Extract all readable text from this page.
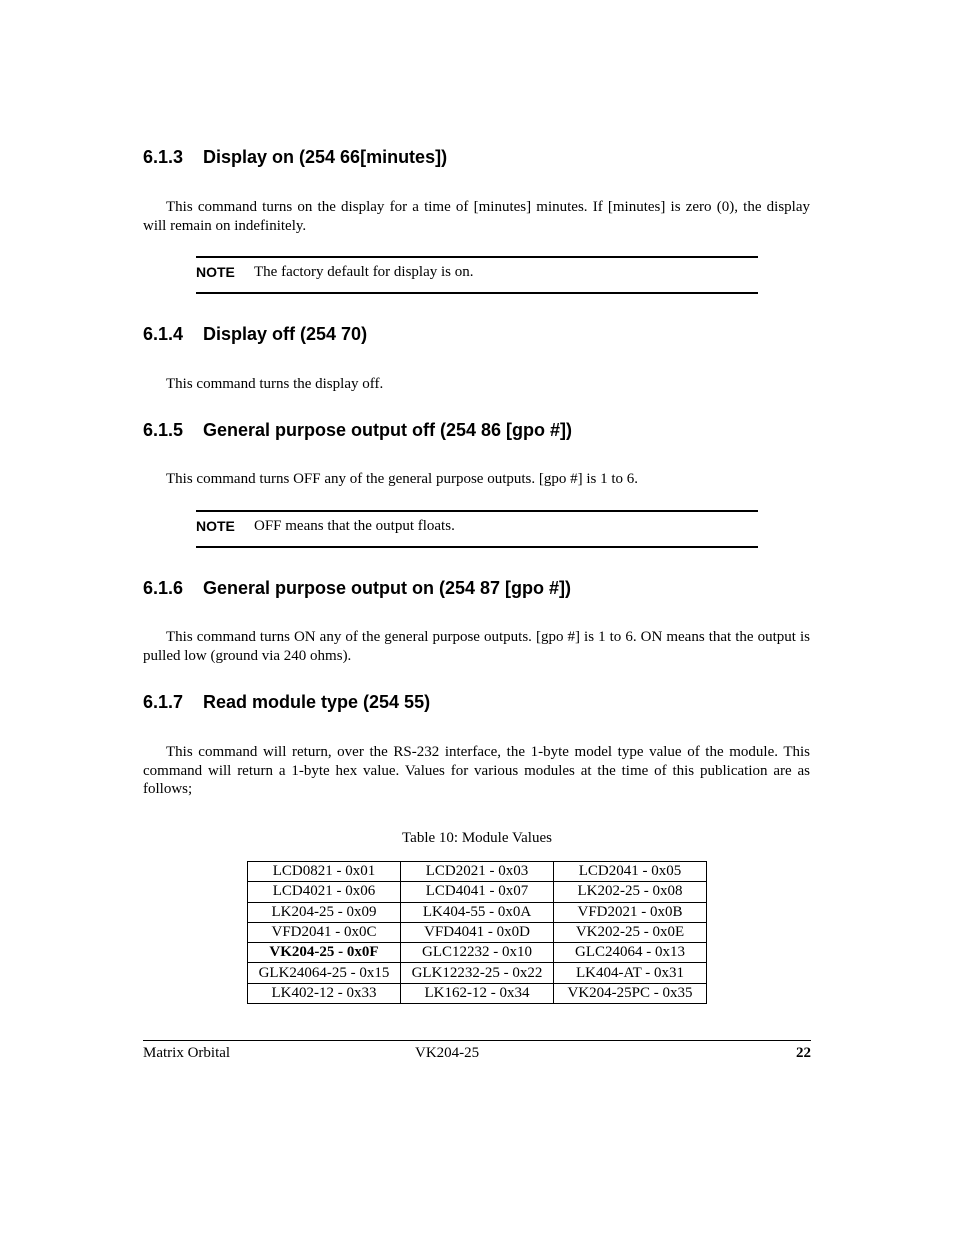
6.1.3 Display on (254 66[minutes])

This command turns on the display for a time of [minutes] minutes. If [minutes] is zero (0), the display will remain on indefinitely.

NOTE The factory default for display is on.
6.1.4 Display off (254 70)

This command turns the display off.

6.1.5 General purpose output off (254 86 [gpo #])

This command turns OFF any of the general purpose outputs. [gpo #] is 1 to 6.

NOTE OFF means that the output floats.
6.1.6 General purpose output on (254 87 [gpo #])

This command turns ON any of the general purpose outputs. [gpo #] is 1 to 6. ON means that the output is pulled low (ground via 240 ohms).

6.1.7 Read module type (254 55)

This command will return, over the RS-232 interface, the 1-byte model type value of the module. This command will return a 1-byte hex value. Values for various modules at the time of this publication are as follows;

Table 10: Module Values
LCD0821 - 0x01	LCD2021 - 0x03	LCD2041 - 0x05
LCD4021 - 0x06	LCD4041 - 0x07	LK202-25 - 0x08
LK204-25 - 0x09	LK404-55 - 0x0A	VFD2021 - 0x0B
VFD2041 - 0x0C	VFD4041 - 0x0D	VK202-25 - 0x0E
VK204-25 - 0x0F	GLC12232 - 0x10	GLC24064 - 0x13
GLK24064-25 - 0x15	GLK12232-25 - 0x22	LK404-AT - 0x31
LK402-12 - 0x33	LK162-12 - 0x34	VK204-25PC - 0x35
Matrix Orbital	VK204-25	22
